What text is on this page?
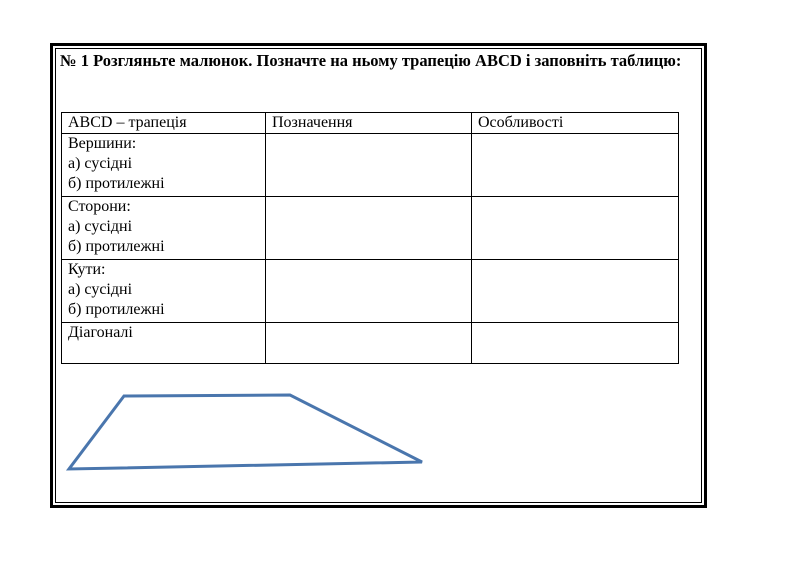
№ 1 Розгляньте малюнок. Позначте на ньому трапецію ABCD і заповніть таблицю:

ABCD – трапеція	Позначення	Особливості

Вершини:
а) сусідні
б) протилежні		

Сторони:
а) сусідні
б) протилежні		

Кути:
а) сусідні
б) протилежні		

Діагоналі		
